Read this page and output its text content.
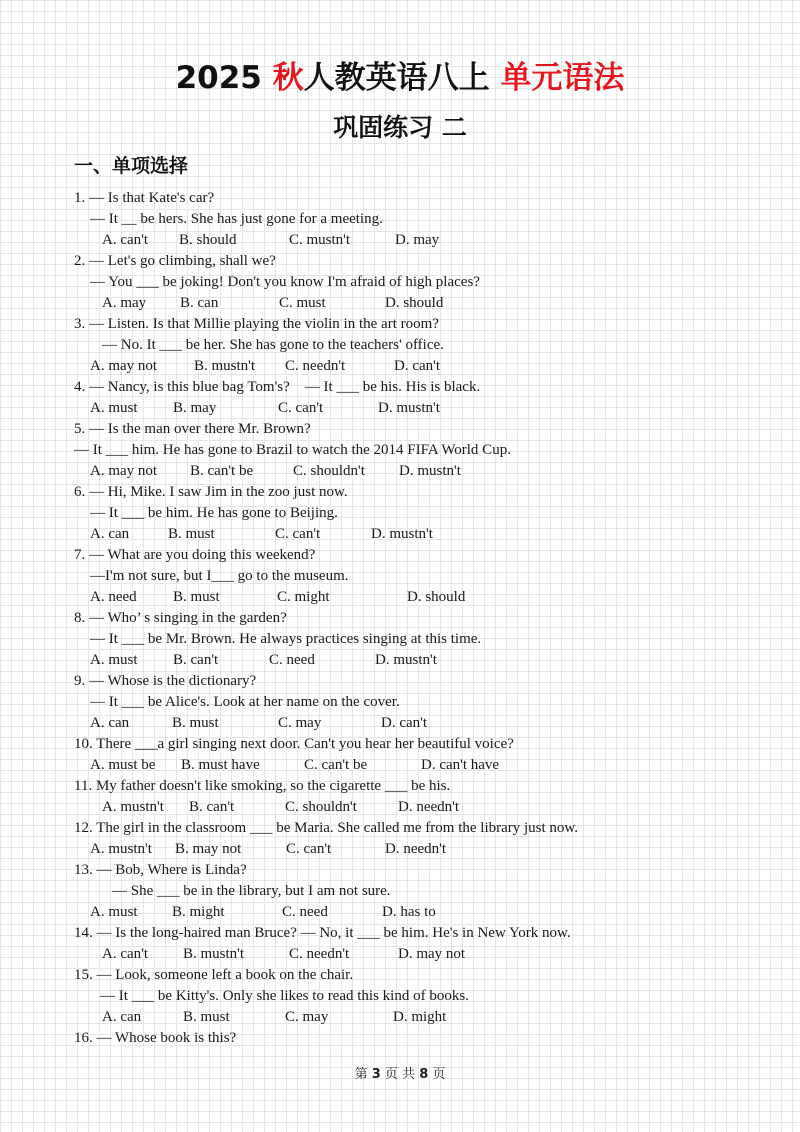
2025 秋人教英语八上 单元语法
巩固练习 二
一、单项选择
1. — Is that Kate's car?
— It __ be hers. She has just gone for a meeting.
2. — Let's go climbing, shall we?
— You ___ be joking! Don't you know I'm afraid of high places?
3. — Listen. Is that Millie playing the violin in the art room?
— No. It ___ be her. She has gone to the teachers' office.
4. — Nancy, is this blue bag Tom's?　— It ___ be his. His is black.
5. — Is the man over there Mr. Brown?
— It ___ him. He has gone to Brazil to watch the 2014 FIFA World Cup.
6. — Hi, Mike. I saw Jim in the zoo just now.
— It ___ be him. He has gone to Beijing.
7. — What are you doing this weekend?
—I'm not sure, but I___ go to the museum.
8. — Who’ s singing in the garden?
— It ___ be Mr. Brown. He always practices singing at this time.
9. — Whose is the dictionary?
— It ___ be Alice's. Look at her name on the cover.
10. There ___a girl singing next door. Can't you hear her beautiful voice?
11. My father doesn't like smoking, so the cigarette ___ be his.
12. The girl in the classroom ___ be Maria. She called me from the library just now.
13. — Bob, Where is Linda?
— She ___ be in the library, but I am not sure.
14. — Is the long-haired man Bruce? — No, it ___ be him. He's in New York now.
15. — Look, someone left a book on the chair.
— It ___ be Kitty's. Only she likes to read this kind of books.
16. — Whose book is this?
A. can't B. should	C. mustn't	D. may
A. may B. can	C. must	D. should
A. may not B. mustn't C. needn't	D. can't
A. must B. may	C. can't	D. mustn't
A. may not B. can't be	C. shouldn't D. mustn't
A. can	B. must	C. can't	D. mustn't
A. need B. must	C. might	D. should
A. must B. can't	C. need	D. mustn't
A. can	B. must	C. may	D. can't
A. must be B. must have	C. can't be	D. can't have
A. mustn't B. can't	C. shouldn't	D. needn't
A. mustn't B. may not	C. can't	D. needn't
A. must B. might	C. need	D. has to
A. can't B. mustn't	C. needn't	D. may not
A. can	B. must	C. may	D. might
第 3 页 共 8 页
